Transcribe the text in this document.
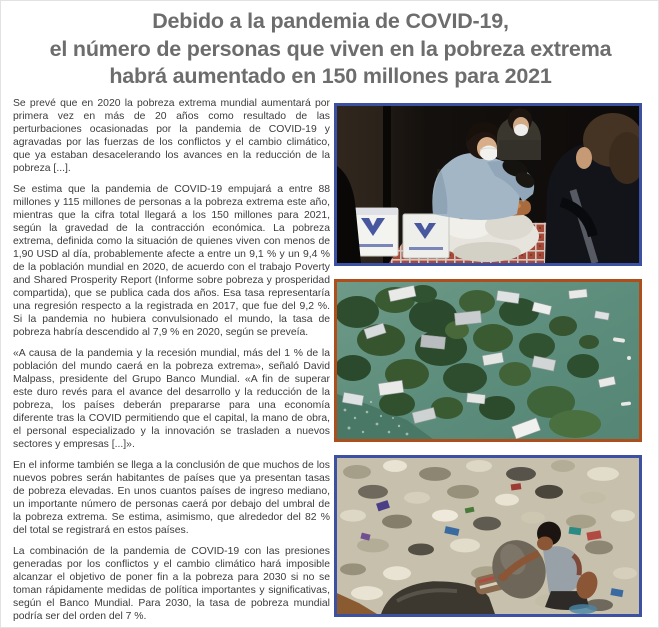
Debido a la pandemia de COVID-19,
el número de personas que viven en la pobreza extrema
habrá aumentado en 150 millones para 2021

Se prevé que en 2020 la pobreza extrema mundial aumentará por primera vez en más de 20 años como resultado de las perturbaciones ocasionadas por la pandemia de COVID-19 y agravadas por las fuerzas de los conflictos y el cambio climático, que ya estaban desacelerando los avances en la reducción de la pobreza [...].

Se estima que la pandemia de COVID-19 empujará a entre 88 millones y 115 millones de personas a la pobreza extrema este año, mientras que la cifra total llegará a los 150 millones para 2021, según la gravedad de la contracción económica. La pobreza extrema, definida como la situación de quienes viven con menos de 1,90 USD al día, probablemente afecte a entre un 9,1 % y un 9,4 % de la población mundial en 2020, de acuerdo con el trabajo Poverty and Shared Prosperity Report (Informe sobre pobreza y prosperidad compartida), que se publica cada dos años. Esa tasa representaría una regresión respecto a la registrada en 2017, que fue del 9,2 %. Si la pandemia no hubiera convulsionado el mundo, la tasa de pobreza habría descendido al 7,9 % en 2020, según se preveía.

«A causa de la pandemia y la recesión mundial, más del 1 % de la población del mundo caerá en la pobreza extrema», señaló David Malpass, presidente del Grupo Banco Mundial. «A fin de superar este duro revés para el avance del desarrollo y la reducción de la pobreza, los países deberán prepararse para una economía diferente tras la COVID permitiendo que el capital, la mano de obra, el personal especializado y la innovación se trasladen a nuevos sectores y empresas [...]».

En el informe también se llega a la conclusión de que muchos de los nuevos pobres serán habitantes de países que ya presentan tasas de pobreza elevadas. En unos cuantos países de ingreso mediano, un importante número de personas caerá por debajo del umbral de la pobreza extrema. Se estima, asimismo, que alrededor del 82 % del total se registrará en estos países.

La combinación de la pandemia de COVID-19 con las presiones generadas por los conflictos y el cambio climático hará imposible alcanzar el objetivo de poner fin a la pobreza para 2030 si no se toman rápidamente medidas de política importantes y significativas, según el Banco Mundial. Para 2030, la tasa de pobreza mundial podría ser del orden del 7 %.
